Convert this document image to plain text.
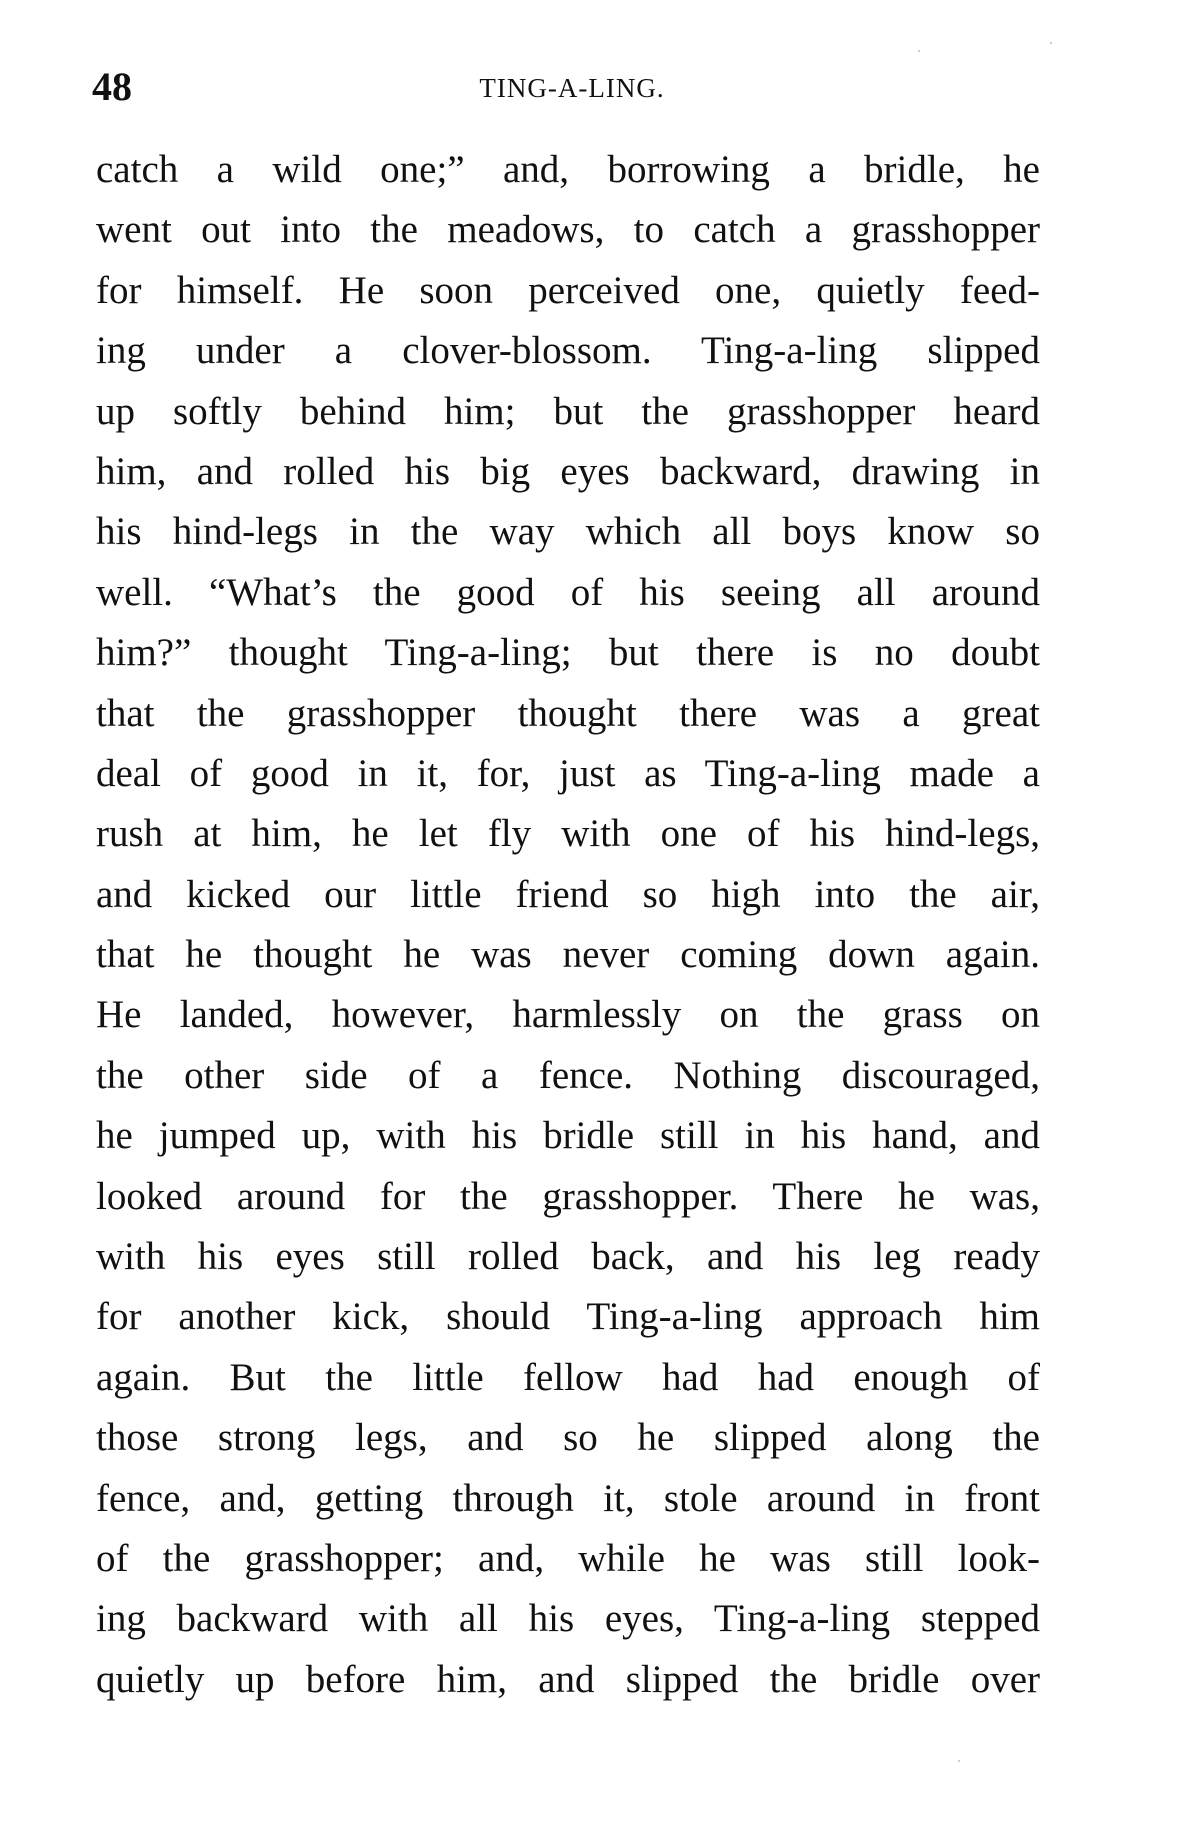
48	TING-A-LING.
catch a wild one;” and, borrowing a bridle, he
went out into the meadows, to catch a grasshopper
for himself. He soon perceived one, quietly feed-
ing under a clover-blossom. Ting-a-ling slipped
up softly behind him; but the grasshopper heard
him, and rolled his big eyes backward, drawing in
his hind-legs in the way which all boys know so
well. “What’s the good of his seeing all around
him?” thought Ting-a-ling; but there is no doubt
that the grasshopper thought there was a great
deal of good in it, for, just as Ting-a-ling made a
rush at him, he let fly with one of his hind-legs,
and kicked our little friend so high into the air,
that he thought he was never coming down again.
He landed, however, harmlessly on the grass on
the other side of a fence. Nothing discouraged,
he jumped up, with his bridle still in his hand, and
looked around for the grasshopper. There he was,
with his eyes still rolled back, and his leg ready
for another kick, should Ting-a-ling approach him
again. But the little fellow had had enough of
those strong legs, and so he slipped along the
fence, and, getting through it, stole around in front
of the grasshopper; and, while he was still look-
ing backward with all his eyes, Ting-a-ling stepped
quietly up before him, and slipped the bridle over
